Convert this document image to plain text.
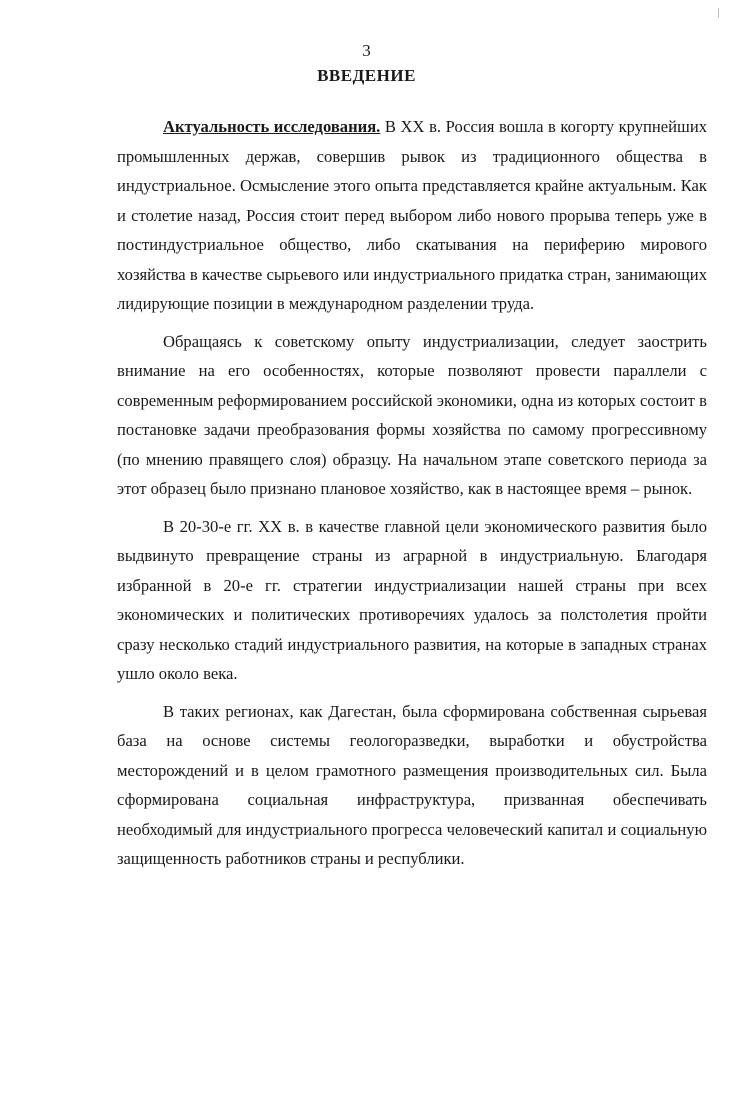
3
ВВЕДЕНИЕ

Актуальность исследования. В XX в. Россия вошла в когорту крупнейших промышленных держав, совершив рывок из традиционного общества в индустриальное. Осмысление этого опыта представляется крайне актуальным. Как и столетие назад, Россия стоит перед выбором либо нового прорыва теперь уже в постиндустриальное общество, либо скатывания на периферию мирового хозяйства в качестве сырьевого или индустриального придатка стран, занимающих лидирующие позиции в международном разделении труда.

Обращаясь к советскому опыту индустриализации, следует заострить внимание на его особенностях, которые позволяют провести параллели с современным реформированием российской экономики, одна из которых состоит в постановке задачи преобразования формы хозяйства по самому прогрессивному (по мнению правящего слоя) образцу. На начальном этапе советского периода за этот образец было признано плановое хозяйство, как в настоящее время – рынок.

В 20-30-е гг. XX в. в качестве главной цели экономического развития было выдвинуто превращение страны из аграрной в индустриальную. Благодаря избранной в 20-е гг. стратегии индустриализации нашей страны при всех экономических и политических противоречиях удалось за полстолетия пройти сразу несколько стадий индустриального развития, на которые в западных странах ушло около века.

В таких регионах, как Дагестан, была сформирована собственная сырьевая база на основе системы геологоразведки, выработки и обустройства месторождений и в целом грамотного размещения производительных сил. Была сформирована социальная инфраструктура, призванная обеспечивать необходимый для индустриального прогресса человеческий капитал и социальную защищенность работников страны и республики.
